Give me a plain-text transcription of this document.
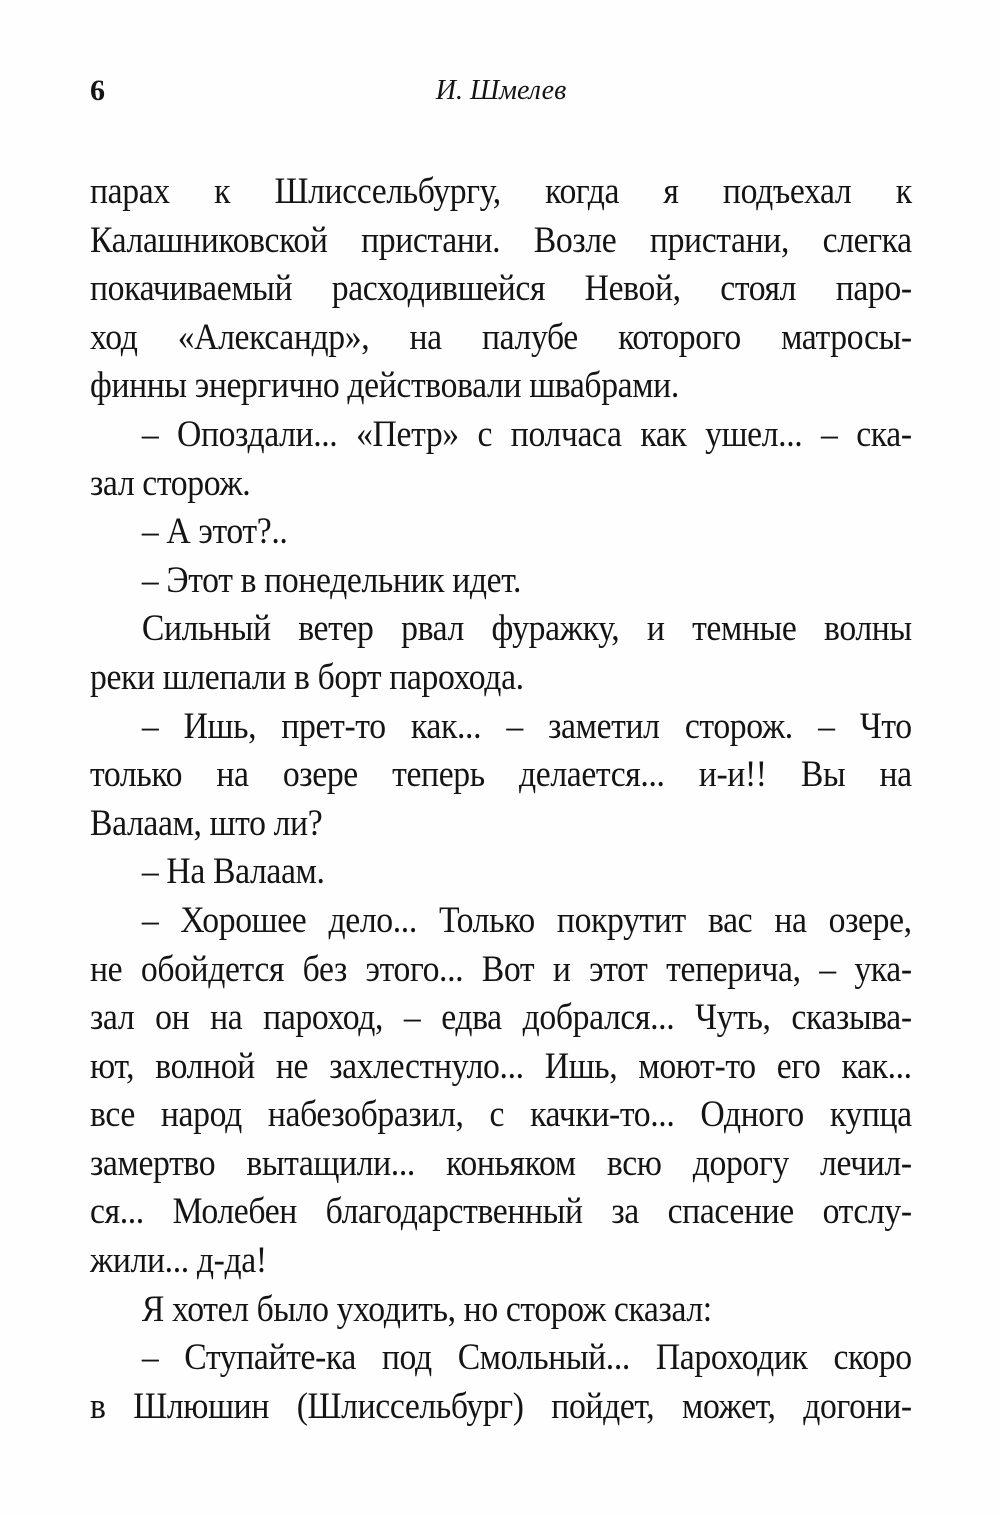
6	И. Шмелев
парах к Шлиссельбургу, когда я подъехал к
Калашниковской пристани. Возле пристани, слегка
покачиваемый расходившейся Невой, стоял паро-
ход «Александр», на палубе которого матросы-
финны энергично действовали швабрами.
– Опоздали... «Петр» с полчаса как ушел... – ска-
зал сторож.
– А этот?..
– Этот в понедельник идет.
Сильный ветер рвал фуражку, и темные волны
реки шлепали в борт парохода.
– Ишь, прет-то как... – заметил сторож. – Что
только на озере теперь делается... и-и!! Вы на
Валаам, што ли?
– На Валаам.
– Хорошее дело... Только покрутит вас на озере,
не обойдется без этого... Вот и этот теперича, – ука-
зал он на пароход, – едва добрался... Чуть, сказыва-
ют, волной не захлестнуло... Ишь, моют-то его как...
все народ набезобразил, с качки-то... Одного купца
замертво вытащили... коньяком всю дорогу лечил-
ся... Молебен благодарственный за спасение отслу-
жили... д-да!
Я хотел было уходить, но сторож сказал:
– Ступайте-ка под Смольный... Пароходик скоро
в Шлюшин (Шлиссельбург) пойдет, может, догони-
